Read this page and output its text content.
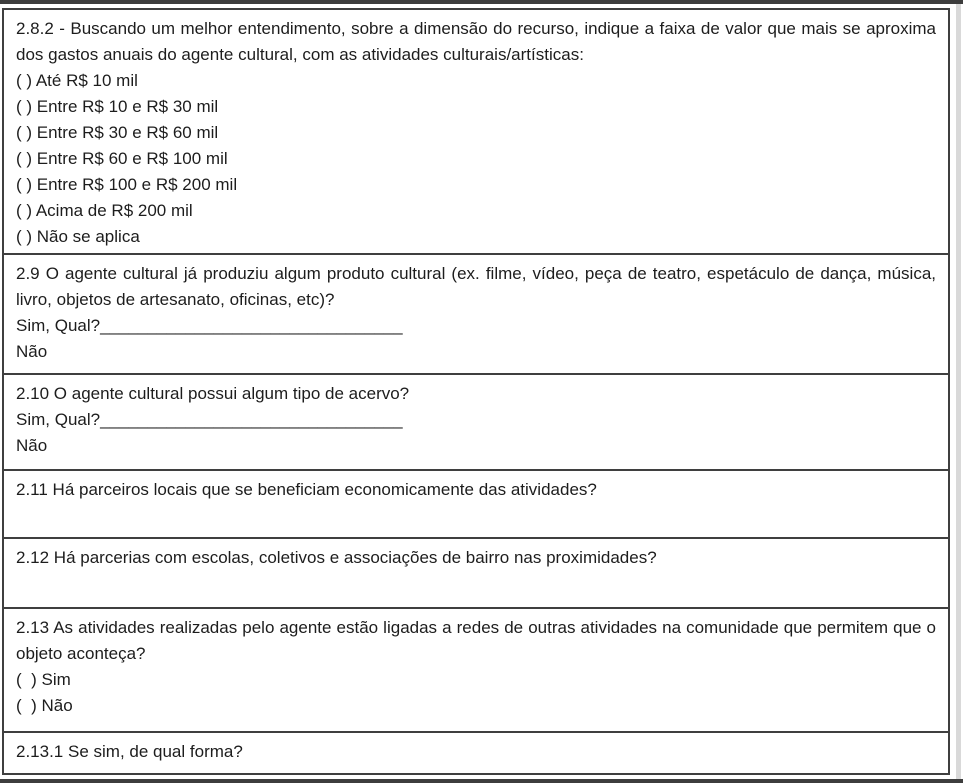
2.8.2 - Buscando um melhor entendimento, sobre a dimensão do recurso, indique a faixa de valor que mais se aproxima dos gastos anuais do agente cultural, com as atividades culturais/artísticas:

( ) Até R$ 10 mil
( ) Entre R$ 10 e R$ 30 mil
( ) Entre R$ 30 e R$ 60 mil
( ) Entre R$ 60 e R$ 100 mil
( ) Entre R$ 100 e R$ 200 mil
( ) Acima de R$ 200 mil
( ) Não se aplica

2.9 O agente cultural já produziu algum produto cultural (ex. filme, vídeo, peça de teatro, espetáculo de dança, música, livro, objetos de artesanato, oficinas, etc)?

Sim, Qual?________________________________
Não

2.10 O agente cultural possui algum tipo de acervo?

Sim, Qual?________________________________
Não

2.11 Há parceiros locais que se beneficiam economicamente das atividades?

2.12 Há parcerias com escolas, coletivos e associações de bairro nas proximidades?

2.13 As atividades realizadas pelo agente estão ligadas a redes de outras atividades na comunidade que permitem que o objeto aconteça?

(  ) Sim
(  ) Não

2.13.1 Se sim, de qual forma?
